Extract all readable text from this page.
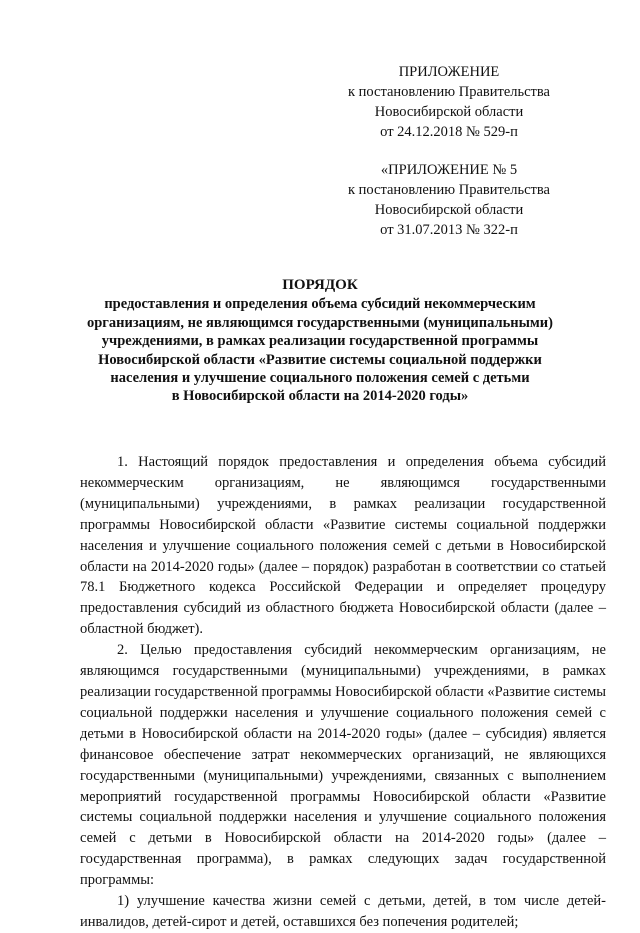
ПРИЛОЖЕНИЕ
к постановлению Правительства
Новосибирской области
от 24.12.2018 № 529-п
«ПРИЛОЖЕНИЕ № 5
к постановлению Правительства
Новосибирской области
от 31.07.2013 № 322-п
ПОРЯДОК
предоставления и определения объема субсидий некоммерческим
организациям, не являющимся государственными (муниципальными)
учреждениями, в рамках реализации государственной программы
Новосибирской области «Развитие системы социальной поддержки
населения и улучшение социального положения семей с детьми
в Новосибирской области на 2014-2020 годы»

1. Настоящий порядок предоставления и определения объема субсидий некоммерческим организациям, не являющимся государственными (муниципальными) учреждениями, в рамках реализации государственной программы Новосибирской области «Развитие системы социальной поддержки населения и улучшение социального положения семей с детьми в Новосибирской области на 2014-2020 годы» (далее – порядок) разработан в соответствии со статьей 78.1 Бюджетного кодекса Российской Федерации и определяет процедуру предоставления субсидий из областного бюджета Новосибирской области (далее – областной бюджет).

2. Целью предоставления субсидий некоммерческим организациям, не являющимся государственными (муниципальными) учреждениями, в рамках реализации государственной программы Новосибирской области «Развитие системы социальной поддержки населения и улучшение социального положения семей с детьми в Новосибирской области на 2014-2020 годы» (далее – субсидия) является финансовое обеспечение затрат некоммерческих организаций, не являющихся государственными (муниципальными) учреждениями, связанных с выполнением мероприятий государственной программы Новосибирской области «Развитие системы социальной поддержки населения и улучшение социального положения семей с детьми в Новосибирской области на 2014-2020 годы» (далее – государственная программа), в рамках следующих задач государственной программы:

1) улучшение качества жизни семей с детьми, детей, в том числе детей-инвалидов, детей-сирот и детей, оставшихся без попечения родителей;
